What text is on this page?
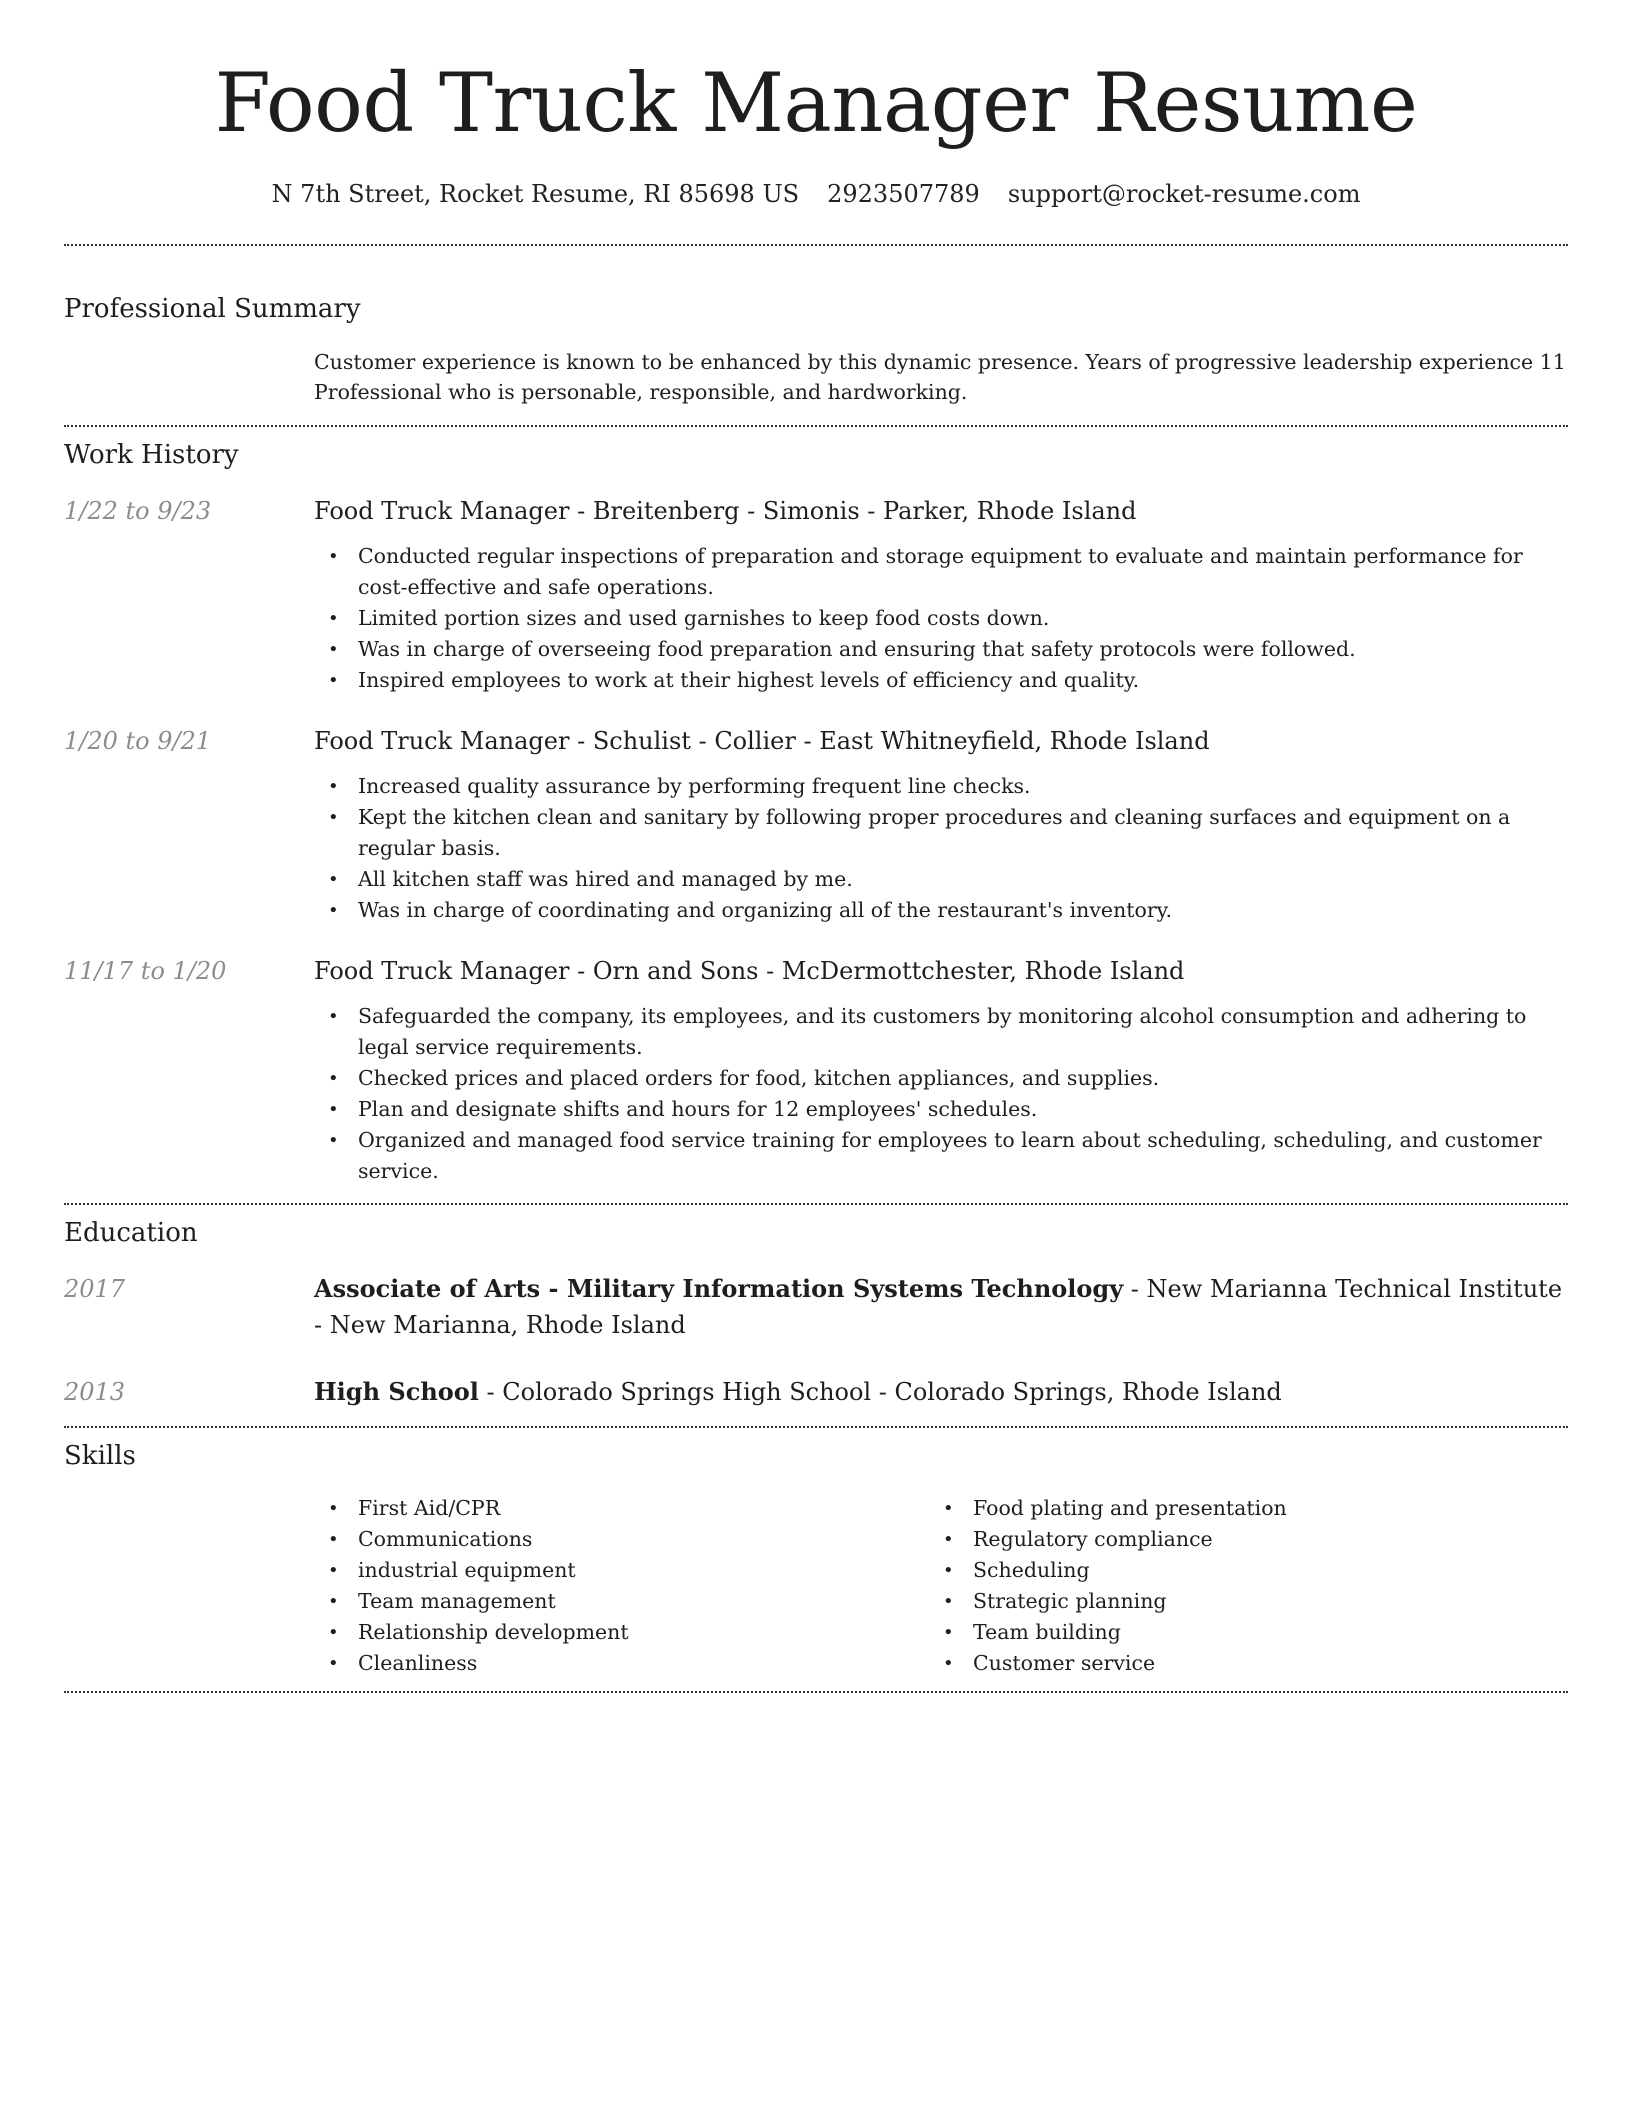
Food Truck Manager Resume
N 7th Street, Rocket Resume, RI 85698 US 2923507789 support@rocket-resume.com
Professional Summary

Customer experience is known to be enhanced by this dynamic presence. Years of progressive leadership experience 11 Professional who is personable, responsible, and hardworking.

Work History
1/22 to 9/23	Food Truck Manager - Breitenberg - Simonis - Parker, Rhode Island
• Conducted regular inspections of preparation and storage equipment to evaluate and maintain performance for cost-effective and safe operations.
• Limited portion sizes and used garnishes to keep food costs down.
• Was in charge of overseeing food preparation and ensuring that safety protocols were followed.
• Inspired employees to work at their highest levels of efficiency and quality.
1/20 to 9/21	Food Truck Manager - Schulist - Collier - East Whitneyfield, Rhode Island
• Increased quality assurance by performing frequent line checks.
• Kept the kitchen clean and sanitary by following proper procedures and cleaning surfaces and equipment on a regular basis.
• All kitchen staff was hired and managed by me.
• Was in charge of coordinating and organizing all of the restaurant's inventory.
11/17 to 1/20	Food Truck Manager - Orn and Sons - McDermottchester, Rhode Island
• Safeguarded the company, its employees, and its customers by monitoring alcohol consumption and adhering to legal service requirements.
• Checked prices and placed orders for food, kitchen appliances, and supplies.
• Plan and designate shifts and hours for 12 employees' schedules.
• Organized and managed food service training for employees to learn about scheduling, scheduling, and customer service.
Education
2017	Associate of Arts - Military Information Systems Technology - New Marianna Technical Institute - New Marianna, Rhode Island
2013	High School - Colorado Springs High School - Colorado Springs, Rhode Island
Skills
• First Aid/CPR
• Communications
• industrial equipment
• Team management
• Relationship development
• Cleanliness
• Food plating and presentation
• Regulatory compliance
• Scheduling
• Strategic planning
• Team building
• Customer service
